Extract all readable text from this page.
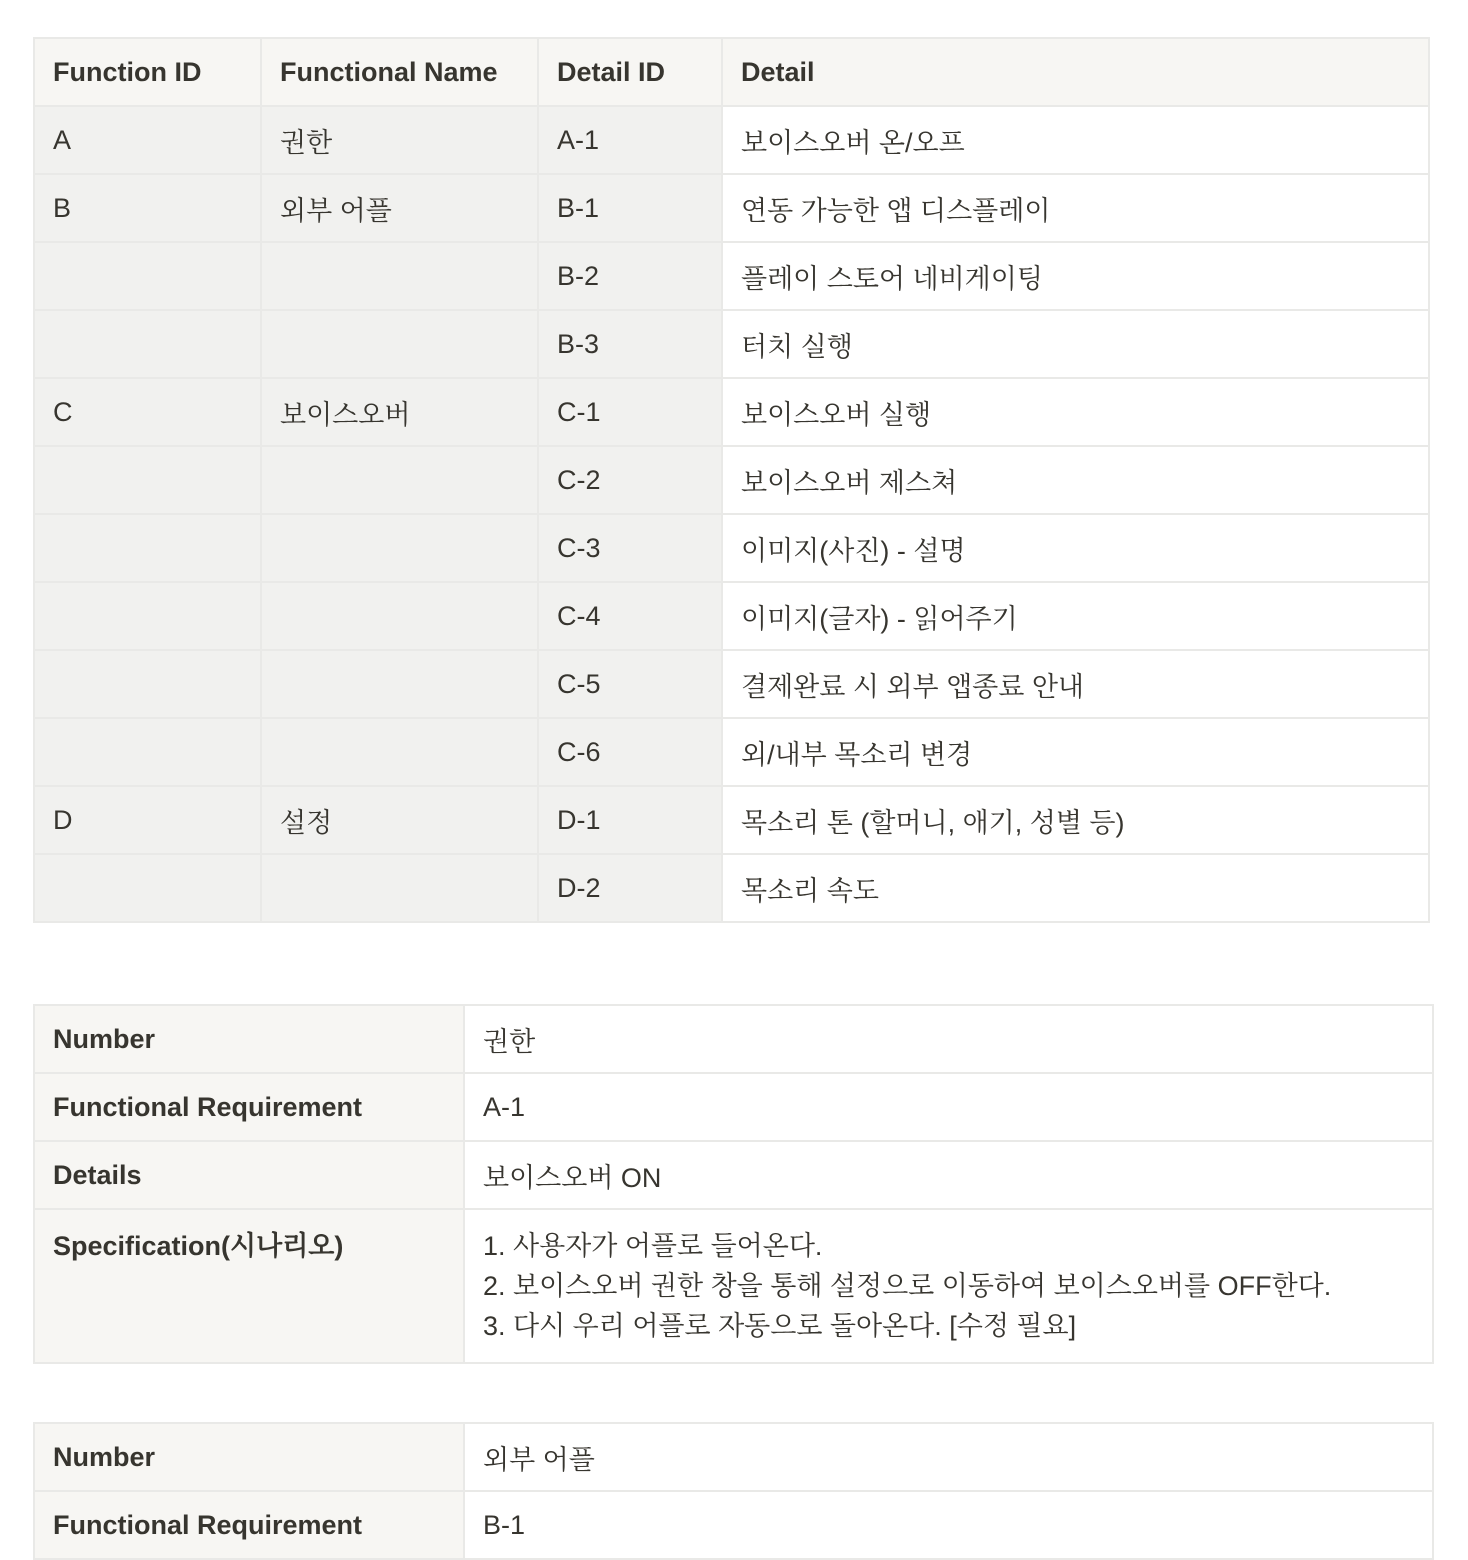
Function ID	Functional Name	Detail ID	Detail
A	권한	A-1	보이스오버 온/오프
B	외부 어플	B-1	연동 가능한 앱 디스플레이
		B-2	플레이 스토어 네비게이팅
		B-3	터치 실행
C	보이스오버	C-1	보이스오버 실행
		C-2	보이스오버 제스쳐
		C-3	이미지(사진) - 설명
		C-4	이미지(글자) - 읽어주기
		C-5	결제완료 시 외부 앱종료 안내
		C-6	외/내부 목소리 변경
D	설정	D-1	목소리 톤 (할머니, 애기, 성별 등)
		D-2	목소리 속도
Number	권한
Functional Requirement	A-1
Details	보이스오버 ON
Specification(시나리오)	1. 사용자가 어플로 들어온다.
2. 보이스오버 권한 창을 통해 설정으로 이동하여 보이스오버를 OFF한다.
3. 다시 우리 어플로 자동으로 돌아온다. [수정 필요]
Number	외부 어플
Functional Requirement	B-1
